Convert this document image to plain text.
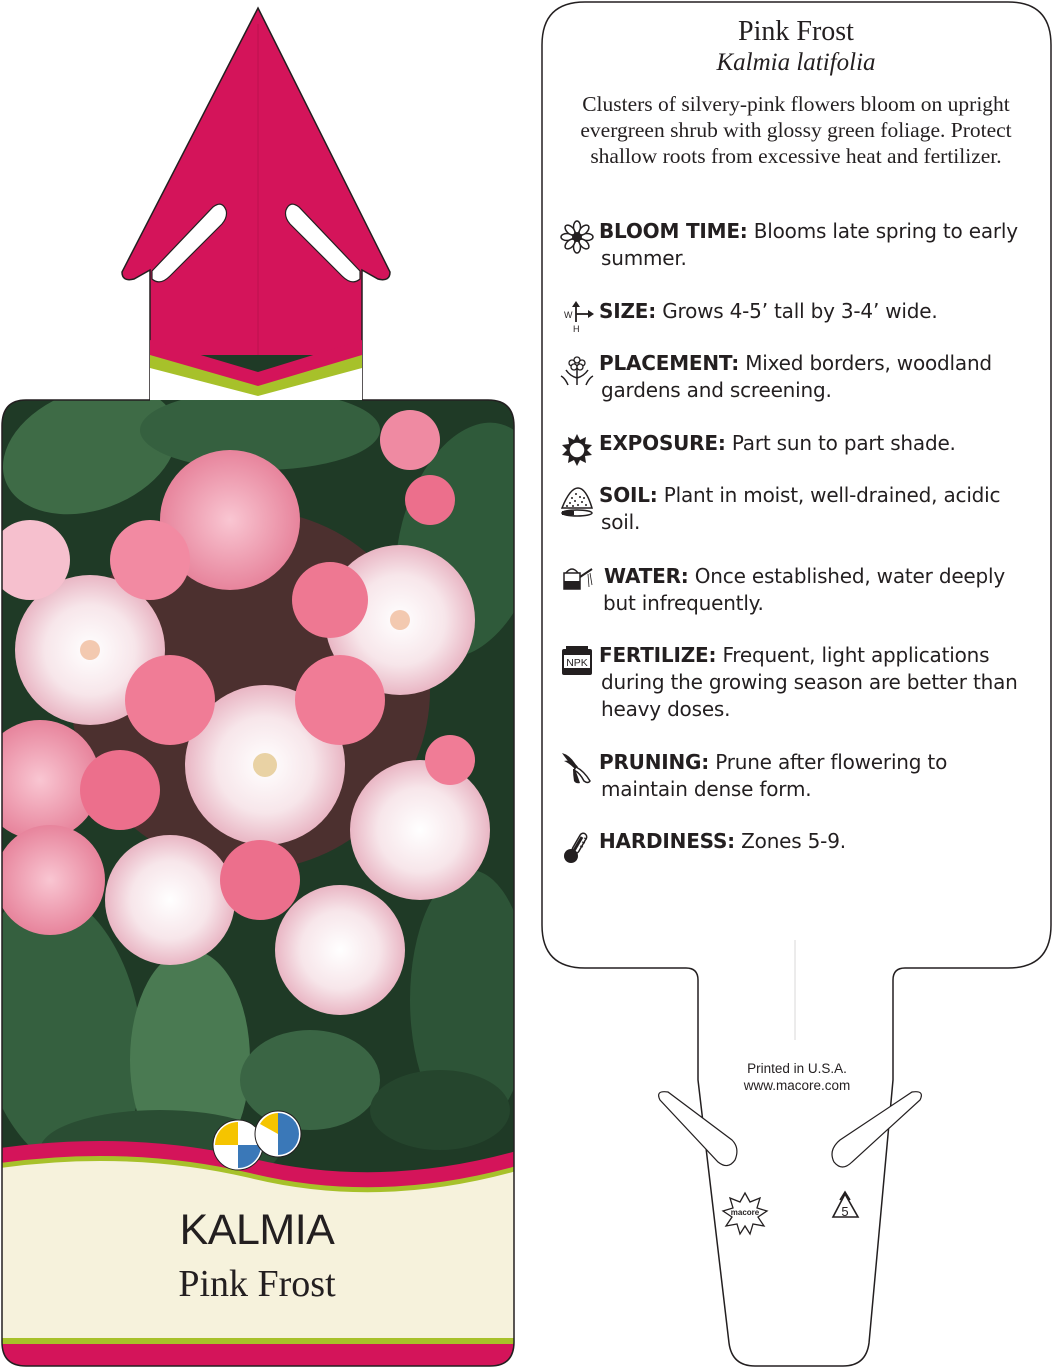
macore	5
Pink Frost
Kalmia latifolia
Clusters of silvery-pink flowers bloom on upright evergreen shrub with glossy green foliage. Protect shallow roots from excessive heat and fertilizer.
BLOOM TIME: Blooms late spring to early
summer.
W
H
SIZE: Grows 4-5’ tall by 3-4’ wide.
PLACEMENT: Mixed borders, woodland
gardens and screening.
EXPOSURE: Part sun to part shade.
SOIL: Plant in moist, well-drained, acidic
soil.
WATER: Once established, water deeply
but infrequently.
NPK FERTILIZE: Frequent, light applications
during the growing season are better than
heavy doses.
PRUNING: Prune after flowering to
maintain dense form.
HARDINESS: Zones 5-9.
Printed in U.S.A.
www.macore.com
KALMIA
Pink Frost
